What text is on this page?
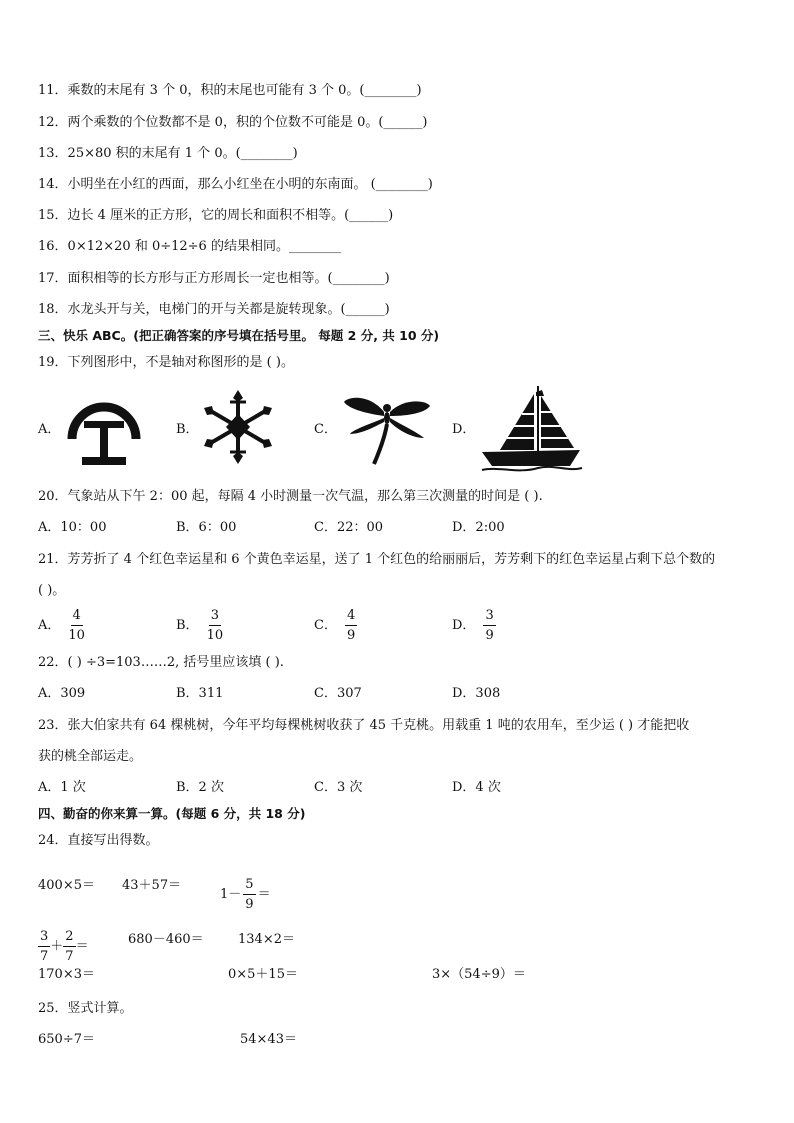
11．乘数的末尾有 3 个 0，积的末尾也可能有 3 个 0。(________)
12．两个乘数的个位数都不是 0，积的个位数不可能是 0。(______)
13．25×80 积的末尾有 1 个 0。(________)
14．小明坐在小红的西面，那么小红坐在小明的东南面。 (________)
15．边长 4 厘米的正方形，它的周长和面积不相等。(______)
16．0×12×20 和 0÷12÷6 的结果相同。________
17．面积相等的长方形与正方形周长一定也相等。(________)
18．水龙头开与关，电梯门的开与关都是旋转现象。(______)
三、快乐 ABC。(把正确答案的序号填在括号里。 每题 2 分, 共 10 分)
19．下列图形中，不是轴对称图形的是 ( )。
A．	B．	C．	D．
20．气象站从下午 2：00 起，每隔 4 小时测量一次气温，那么第三次测量的时间是 ( ).
A．10：00	B．6：00	C．22：00	D．2:00
21．芳芳折了 4 个红色幸运星和 6 个黄色幸运星，送了 1 个红色的给丽丽后，芳芳剩下的红色幸运星占剩下总个数的
( )。
A． $\frac{4}{10}$	B． $\frac{3}{10}$	C． $\frac{4}{9}$	D． $\frac{3}{9}$
22．( ) ÷3=103……2, 括号里应该填 ( ).
A．309	B．311	C．307	D．308
23．张大伯家共有 64 棵桃树，今年平均每棵桃树收获了 45 千克桃。用载重 1 吨的农用车，至少运 ( ) 才能把收
获的桃全部运走。
A．1 次	B．2 次	C．3 次	D．4 次
四、勤奋的你来算一算。(每题 6 分，共 18 分)
24．直接写出得数。
400×5＝ 43＋57＝
$1- \frac{5}{9}$ ＝
$\frac{3}{7} + \frac{2}{7}$ ＝	680－460＝	134×2＝
170×3＝	0×5＋15＝	3×（54÷9）＝
25．竖式计算。
650÷7＝	54×43＝
